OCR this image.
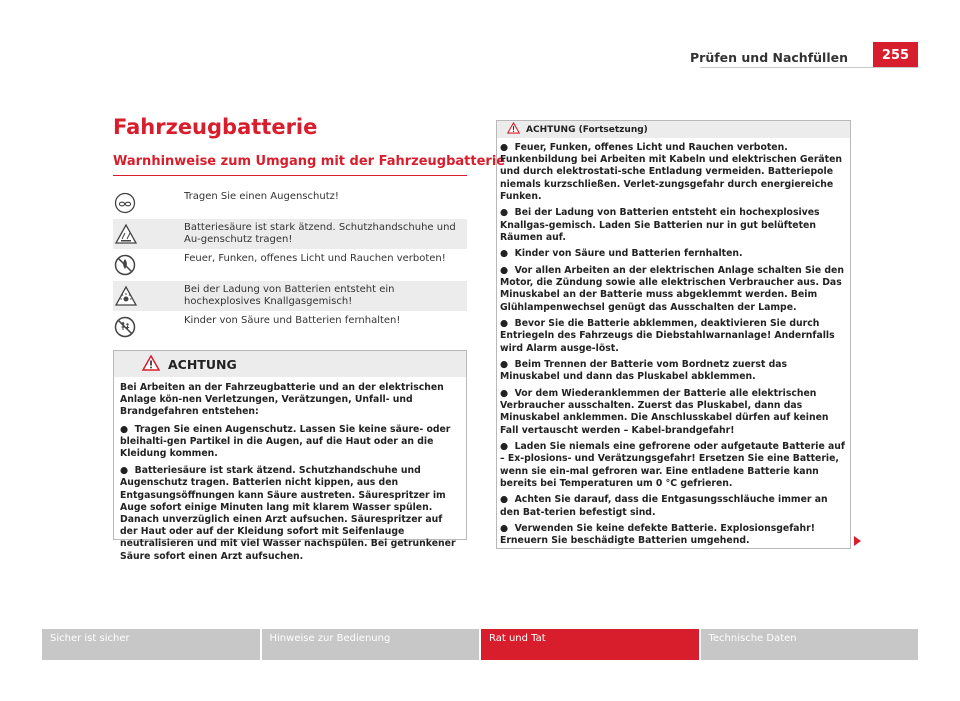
Prüfen und Nachfüllen	255
Fahrzeugbatterie
Warnhinweise zum Umgang mit der Fahrzeugbatterie
Tragen Sie einen Augenschutz!
Batteriesäure ist stark ätzend. Schutzhandschuhe und Au-genschutz tragen!
Feuer, Funken, offenes Licht und Rauchen verboten!
Bei der Ladung von Batterien entsteht ein hochexplosives Knallgasgemisch!
Kinder von Säure und Batterien fernhalten!
ACHTUNG

Bei Arbeiten an der Fahrzeugbatterie und an der elektrischen Anlage kön-nen Verletzungen, Verätzungen, Unfall- und Brandgefahren entstehen:

● Tragen Sie einen Augenschutz. Lassen Sie keine säure- oder bleihalti-gen Partikel in die Augen, auf die Haut oder an die Kleidung kommen.

● Batteriesäure ist stark ätzend. Schutzhandschuhe und Augenschutz tragen. Batterien nicht kippen, aus den Entgasungsöffnungen kann Säure austreten. Säurespritzer im Auge sofort einige Minuten lang mit klarem Wasser spülen. Danach unverzüglich einen Arzt aufsuchen. Säurespritzer auf der Haut oder auf der Kleidung sofort mit Seifenlauge neutralisieren und mit viel Wasser nachspülen. Bei getrunkener Säure sofort einen Arzt aufsuchen.

ACHTUNG (Fortsetzung)

● Feuer, Funken, offenes Licht und Rauchen verboten. Funkenbildung bei Arbeiten mit Kabeln und elektrischen Geräten und durch elektrostati-sche Entladung vermeiden. Batteriepole niemals kurzschließen. Verlet-zungsgefahr durch energiereiche Funken.

● Bei der Ladung von Batterien entsteht ein hochexplosives Knallgas-gemisch. Laden Sie Batterien nur in gut belüfteten Räumen auf.

● Kinder von Säure und Batterien fernhalten.

● Vor allen Arbeiten an der elektrischen Anlage schalten Sie den Motor, die Zündung sowie alle elektrischen Verbraucher aus. Das Minuskabel an der Batterie muss abgeklemmt werden. Beim Glühlampenwechsel genügt das Ausschalten der Lampe.

● Bevor Sie die Batterie abklemmen, deaktivieren Sie durch Entriegeln des Fahrzeugs die Diebstahlwarnanlage! Andernfalls wird Alarm ausge-löst.

● Beim Trennen der Batterie vom Bordnetz zuerst das Minuskabel und dann das Pluskabel abklemmen.

● Vor dem Wiederanklemmen der Batterie alle elektrischen Verbraucher ausschalten. Zuerst das Pluskabel, dann das Minuskabel anklemmen. Die Anschlusskabel dürfen auf keinen Fall vertauscht werden – Kabel-brandgefahr!

● Laden Sie niemals eine gefrorene oder aufgetaute Batterie auf – Ex-plosions- und Verätzungsgefahr! Ersetzen Sie eine Batterie, wenn sie ein-mal gefroren war. Eine entladene Batterie kann bereits bei Temperaturen um 0 °C gefrieren.

● Achten Sie darauf, dass die Entgasungsschläuche immer an den Bat-terien befestigt sind.

● Verwenden Sie keine defekte Batterie. Explosionsgefahr! Erneuern Sie beschädigte Batterien umgehend.

Sicher ist sicher	Hinweise zur Bedienung	Rat und Tat	Technische Daten
